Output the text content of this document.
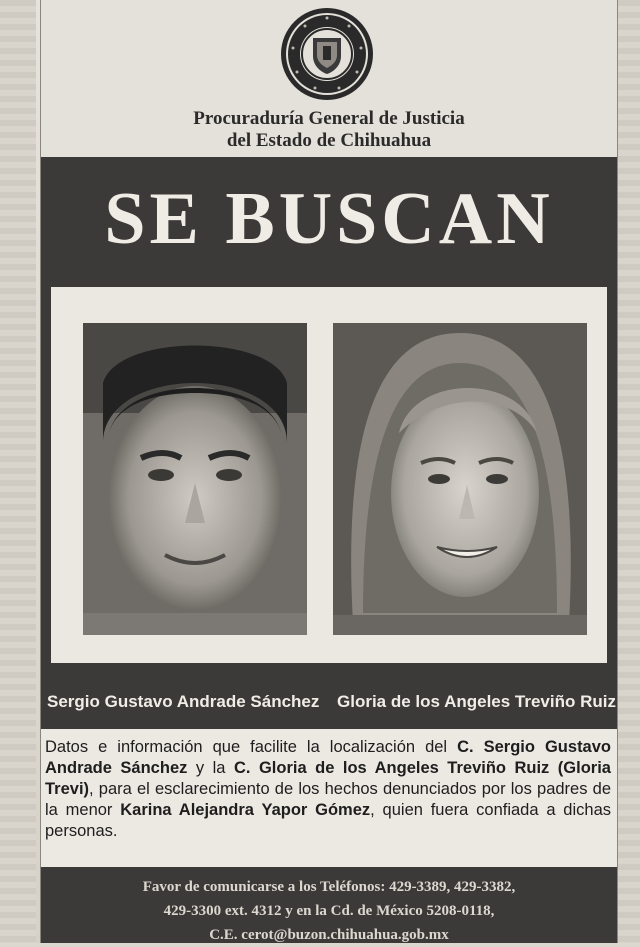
Procuraduría General de Justicia
del Estado de Chihuahua
SE BUSCAN
Sergio Gustavo Andrade Sánchez Gloria de los Angeles Treviño Ruiz
Datos e información que facilite la localización del C. Sergio Gustavo Andrade Sánchez y la C. Gloria de los Angeles Treviño Ruiz (Gloria Trevi), para el esclarecimiento de los hechos denunciados por los padres de la menor Karina Alejandra Yapor Gómez, quien fuera confiada a dichas personas.
Favor de comunicarse a los Teléfonos: 429-3389, 429-3382,
429-3300 ext. 4312 y en la Cd. de México 5208-0118,
C.E. cerot@buzon.chihuahua.gob.mx
